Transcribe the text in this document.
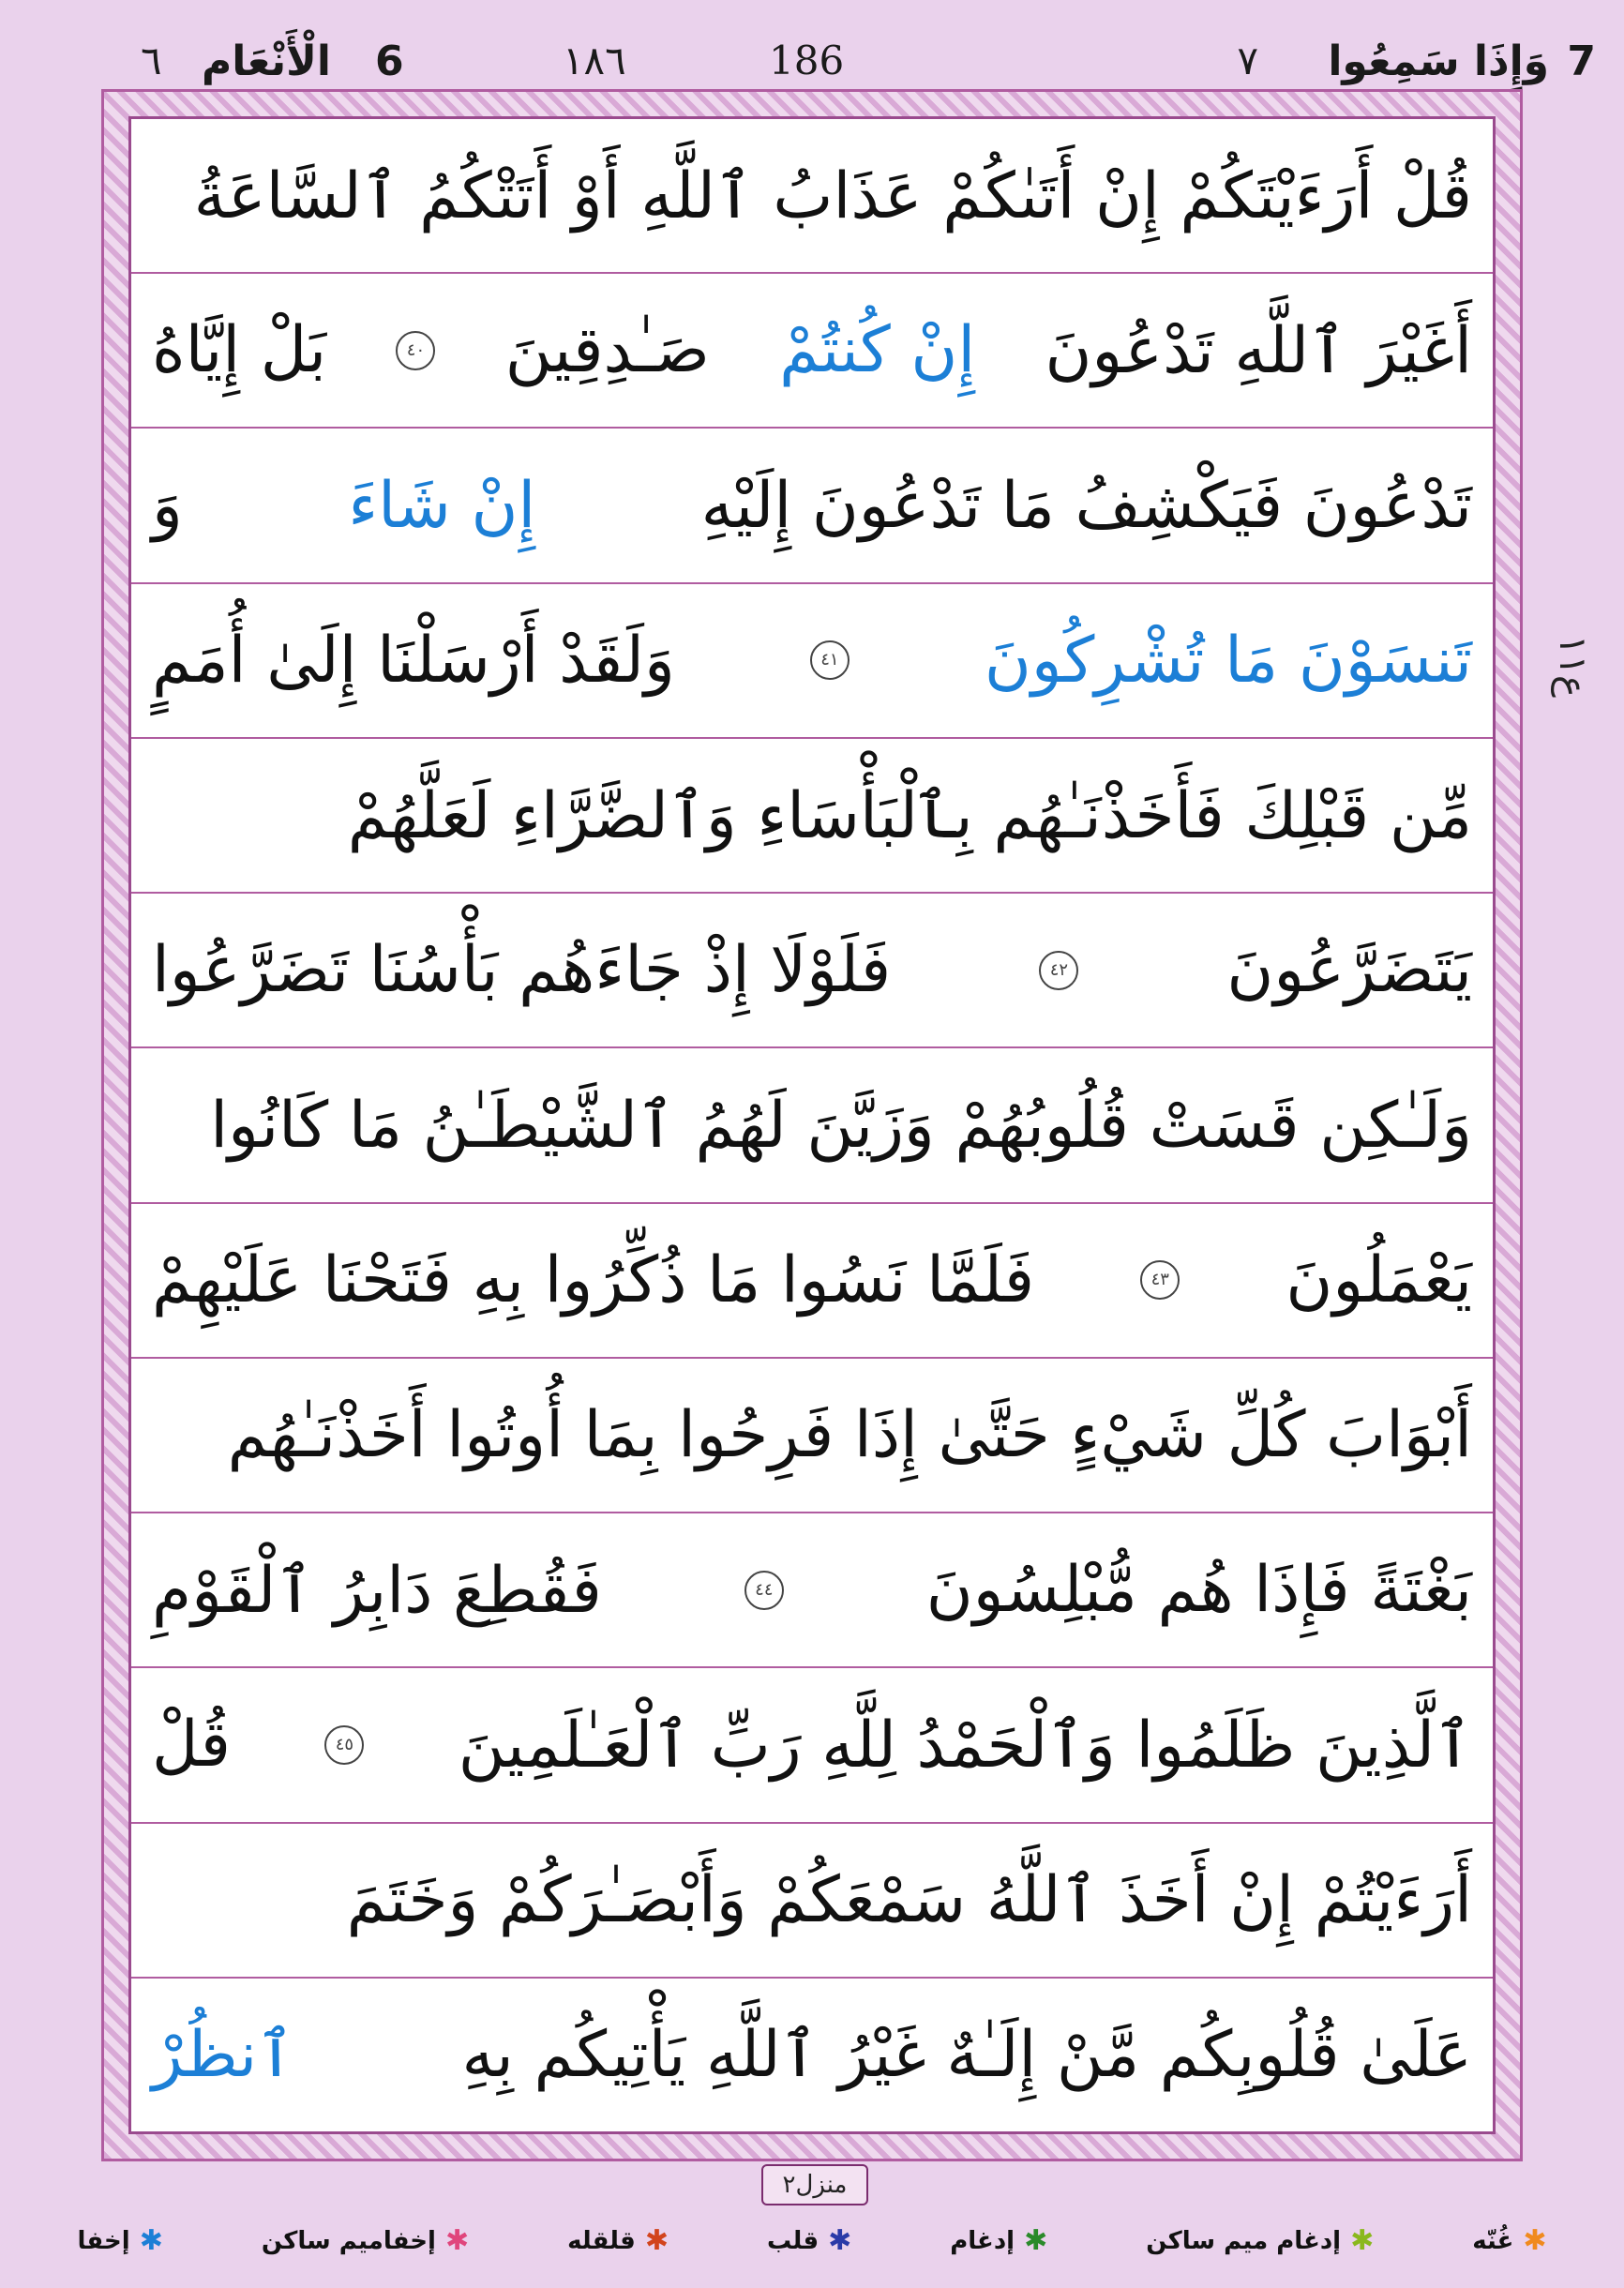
7
وَإِذَا سَمِعُوا
٧
186
١٨٦
6
الْأَنْعَام
٦
قُلْ أَرَءَيْتَكُمْ إِنْ أَتَىٰكُمْ عَذَابُ ٱللَّهِ أَوْ أَتَتْكُمُ ٱلسَّاعَةُ
أَغَيْرَ ٱللَّهِ تَدْعُونَ
إِنْ كُنتُمْ
صَـٰدِقِينَ
٤٠
بَلْ إِيَّاهُ
تَدْعُونَ فَيَكْشِفُ مَا تَدْعُونَ إِلَيْهِ
إِنْ شَاءَ
وَ
تَنسَوْنَ مَا تُشْرِكُونَ
٤١
وَلَقَدْ أَرْسَلْنَا إِلَىٰ أُمَمٍ
مِّن قَبْلِكَ فَأَخَذْنَـٰهُم بِٱلْبَأْسَاءِ وَٱلضَّرَّاءِ لَعَلَّهُمْ
يَتَضَرَّعُونَ
٤٢
فَلَوْلَا إِذْ جَاءَهُم بَأْسُنَا تَضَرَّعُوا
وَلَـٰكِن قَسَتْ قُلُوبُهُمْ وَزَيَّنَ لَهُمُ ٱلشَّيْطَـٰنُ مَا كَانُوا
يَعْمَلُونَ
٤٣
فَلَمَّا نَسُوا مَا ذُكِّرُوا بِهِ فَتَحْنَا عَلَيْهِمْ
أَبْوَابَ كُلِّ شَيْءٍ حَتَّىٰ إِذَا فَرِحُوا بِمَا أُوتُوا أَخَذْنَـٰهُم
بَغْتَةً فَإِذَا هُم مُّبْلِسُونَ
٤٤
فَقُطِعَ دَابِرُ ٱلْقَوْمِ
ٱلَّذِينَ ظَلَمُوا وَٱلْحَمْدُ لِلَّهِ رَبِّ ٱلْعَـٰلَمِينَ
٤٥
قُلْ
أَرَءَيْتُمْ إِنْ أَخَذَ ٱللَّهُ سَمْعَكُمْ وَأَبْصَـٰرَكُمْ وَخَتَمَ
عَلَىٰ قُلُوبِكُم مَّنْ إِلَـٰهٌ غَيْرُ ٱللَّهِ يَأْتِيكُم بِهِ
ٱنظُرْ
ع۱۱
منزل۲
✱
إخفا	✱
إخفاميم ساكن	✱
قلقله	✱
قلب	✱
إدغام	✱
إدغام ميم ساكن	✱
غُنّه
